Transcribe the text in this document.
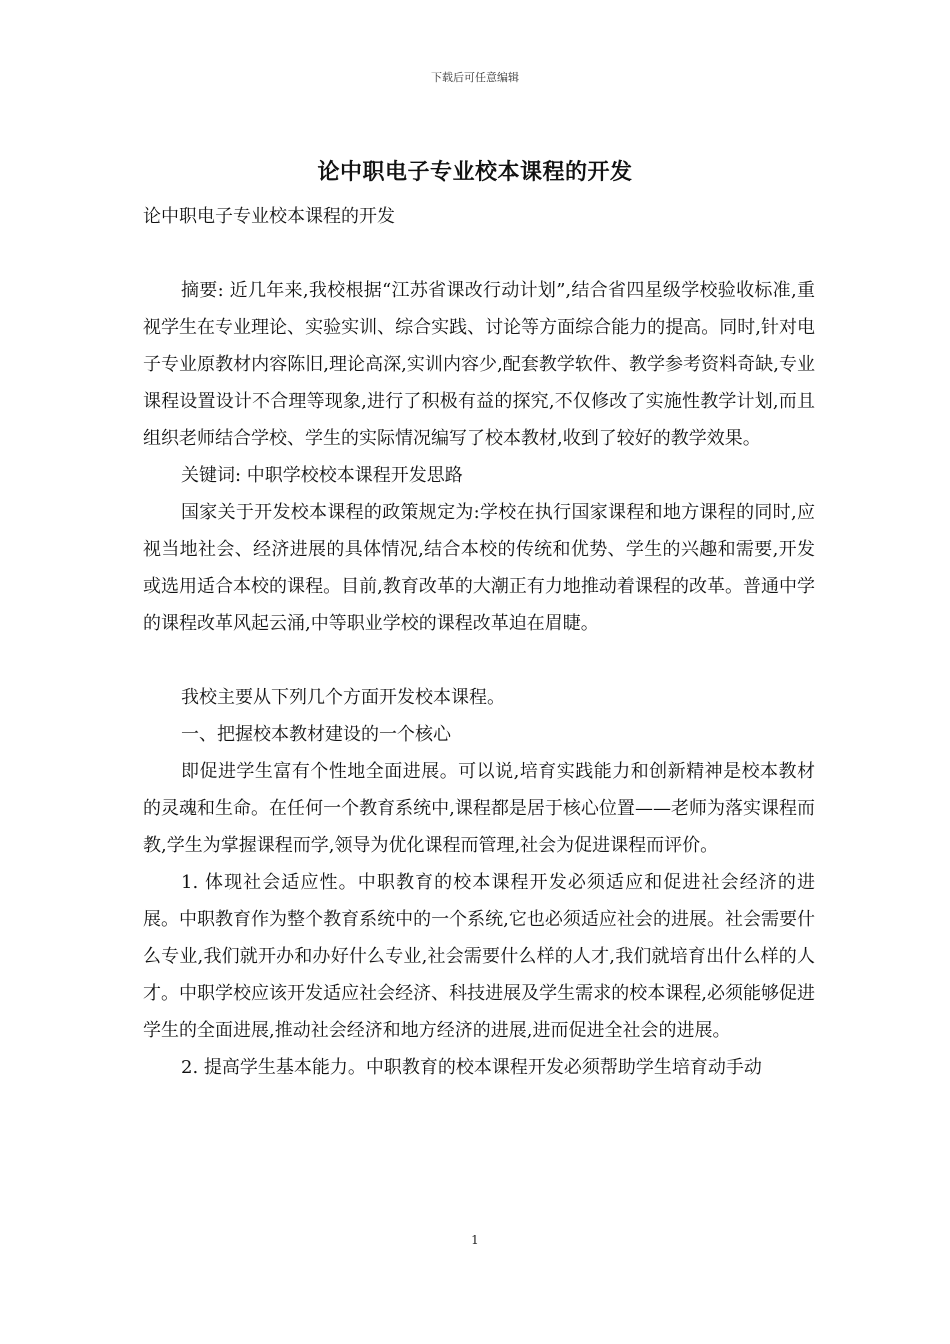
下载后可任意编辑
论中职电子专业校本课程的开发

论中职电子专业校本课程的开发

摘要: 近几年来,我校根据“江苏省课改行动计划”,结合省四星级学校验收标准,重视学生在专业理论、实验实训、综合实践、讨论等方面综合能力的提高。同时,针对电子专业原教材内容陈旧,理论高深,实训内容少,配套教学软件、教学参考资料奇缺,专业课程设置设计不合理等现象,进行了积极有益的探究,不仅修改了实施性教学计划,而且组织老师结合学校、学生的实际情况编写了校本教材,收到了较好的教学效果。

关键词: 中职学校校本课程开发思路

国家关于开发校本课程的政策规定为:学校在执行国家课程和地方课程的同时,应视当地社会、经济进展的具体情况,结合本校的传统和优势、学生的兴趣和需要,开发或选用适合本校的课程。目前,教育改革的大潮正有力地推动着课程的改革。普通中学的课程改革风起云涌,中等职业学校的课程改革迫在眉睫。

我校主要从下列几个方面开发校本课程。

一、把握校本教材建设的一个核心

即促进学生富有个性地全面进展。可以说,培育实践能力和创新精神是校本教材的灵魂和生命。在任何一个教育系统中,课程都是居于核心位置——老师为落实课程而教,学生为掌握课程而学,领导为优化课程而管理,社会为促进课程而评价。

1. 体现社会适应性。中职教育的校本课程开发必须适应和促进社会经济的进展。中职教育作为整个教育系统中的一个系统,它也必须适应社会的进展。社会需要什么专业,我们就开办和办好什么专业,社会需要什么样的人才,我们就培育出什么样的人才。中职学校应该开发适应社会经济、科技进展及学生需求的校本课程,必须能够促进学生的全面进展,推动社会经济和地方经济的进展,进而促进全社会的进展。

2. 提高学生基本能力。中职教育的校本课程开发必须帮助学生培育动手动

1
